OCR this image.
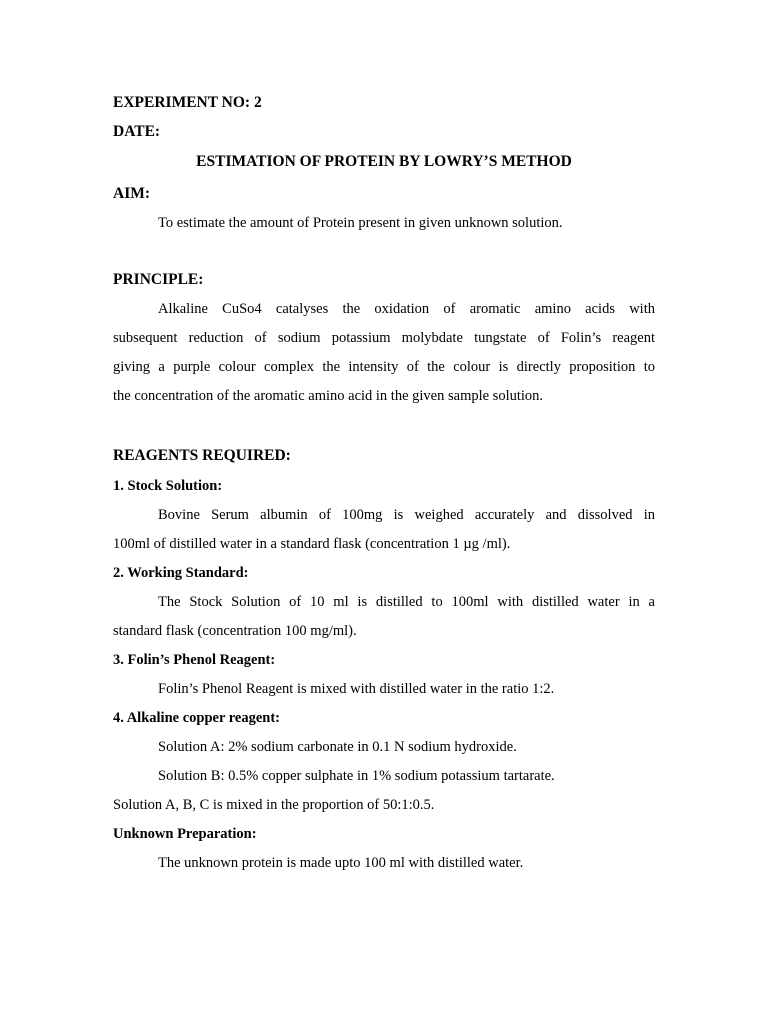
EXPERIMENT NO: 2
DATE:
ESTIMATION OF PROTEIN BY LOWRY’S METHOD
AIM:
To estimate the amount of Protein present in given unknown solution.
PRINCIPLE:
Alkaline CuSo4 catalyses the oxidation of aromatic amino acids with
subsequent reduction of sodium potassium molybdate tungstate of Folin’s reagent
giving a purple colour complex the intensity of the colour is directly proposition to
the concentration of the aromatic amino acid in the given sample solution.
REAGENTS REQUIRED:
1. Stock Solution:
Bovine Serum albumin of 100mg is weighed accurately and dissolved in
100ml of distilled water in a standard flask (concentration 1 µg /ml).
2. Working Standard:
The Stock Solution of 10 ml is distilled to 100ml with distilled water in a
standard flask (concentration 100 mg/ml).
3. Folin’s Phenol Reagent:
Folin’s Phenol Reagent is mixed with distilled water in the ratio 1:2.
4. Alkaline copper reagent:
Solution A: 2% sodium carbonate in 0.1 N sodium hydroxide.
Solution B: 0.5% copper sulphate in 1% sodium potassium tartarate.
Solution A, B, C is mixed in the proportion of 50:1:0.5.
Unknown Preparation:
The unknown protein is made upto 100 ml with distilled water.
